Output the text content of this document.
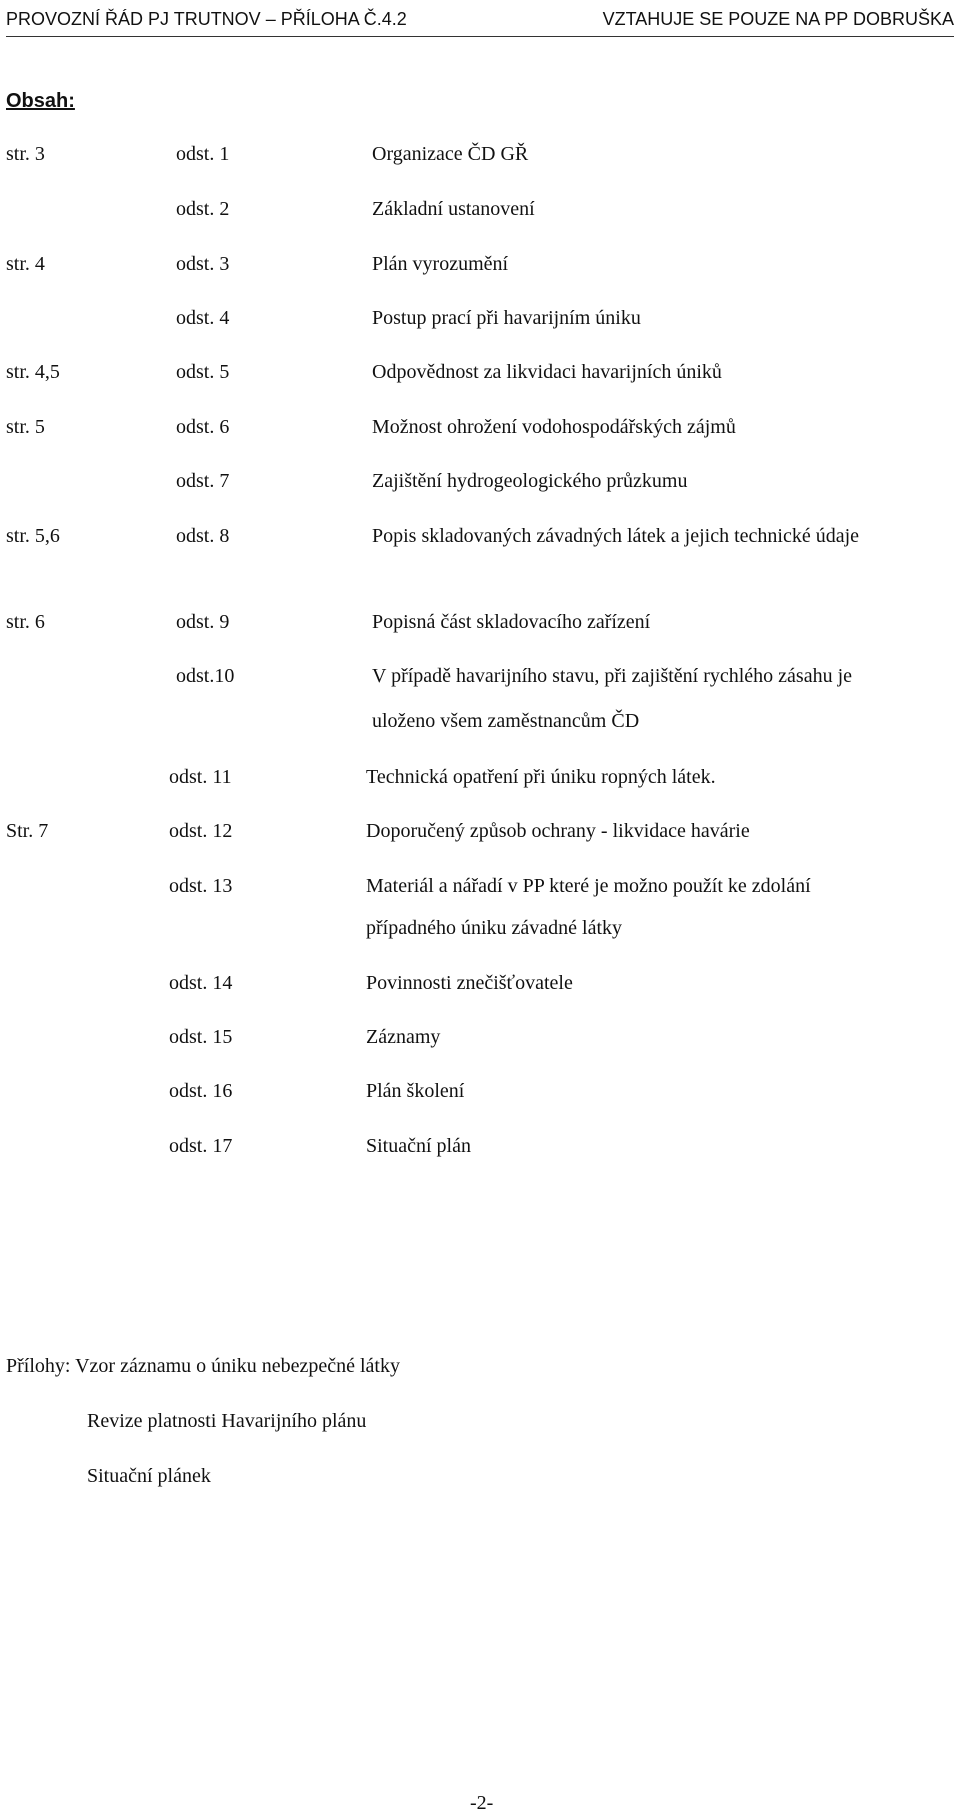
PROVOZNÍ ŘÁD PJ TRUTNOV – PŘÍLOHA Č.4.2	VZTAHUJE SE POUZE NA PP DOBRUŠKA
Obsah:
str. 3	odst. 1	Organizace ČD GŘ
odst. 2	Základní ustanovení
str. 4	odst. 3	Plán vyrozumění
odst. 4	Postup prací při havarijním úniku
str. 4,5	odst. 5	Odpovědnost za likvidaci havarijních úniků
str. 5	odst. 6	Možnost ohrožení vodohospodářských zájmů
odst. 7	Zajištění hydrogeologického průzkumu
str. 5,6	odst. 8	Popis skladovaných závadných látek a jejich technické údaje
str. 6	odst. 9	Popisná část skladovacího zařízení
odst.10	V případě havarijního stavu, při zajištění rychlého zásahu je
uloženo všem zaměstnancům ČD
odst. 11	Technická opatření při úniku ropných látek.
Str. 7	odst. 12	Doporučený způsob ochrany - likvidace havárie
odst. 13	Materiál a nářadí v PP které je možno použít ke zdolání
případného úniku závadné látky
odst. 14	Povinnosti znečišťovatele
odst. 15	Záznamy
odst. 16	Plán školení
odst. 17	Situační plán
Přílohy: Vzor záznamu o úniku nebezpečné látky
Revize platnosti Havarijního plánu
Situační plánek
-2-
